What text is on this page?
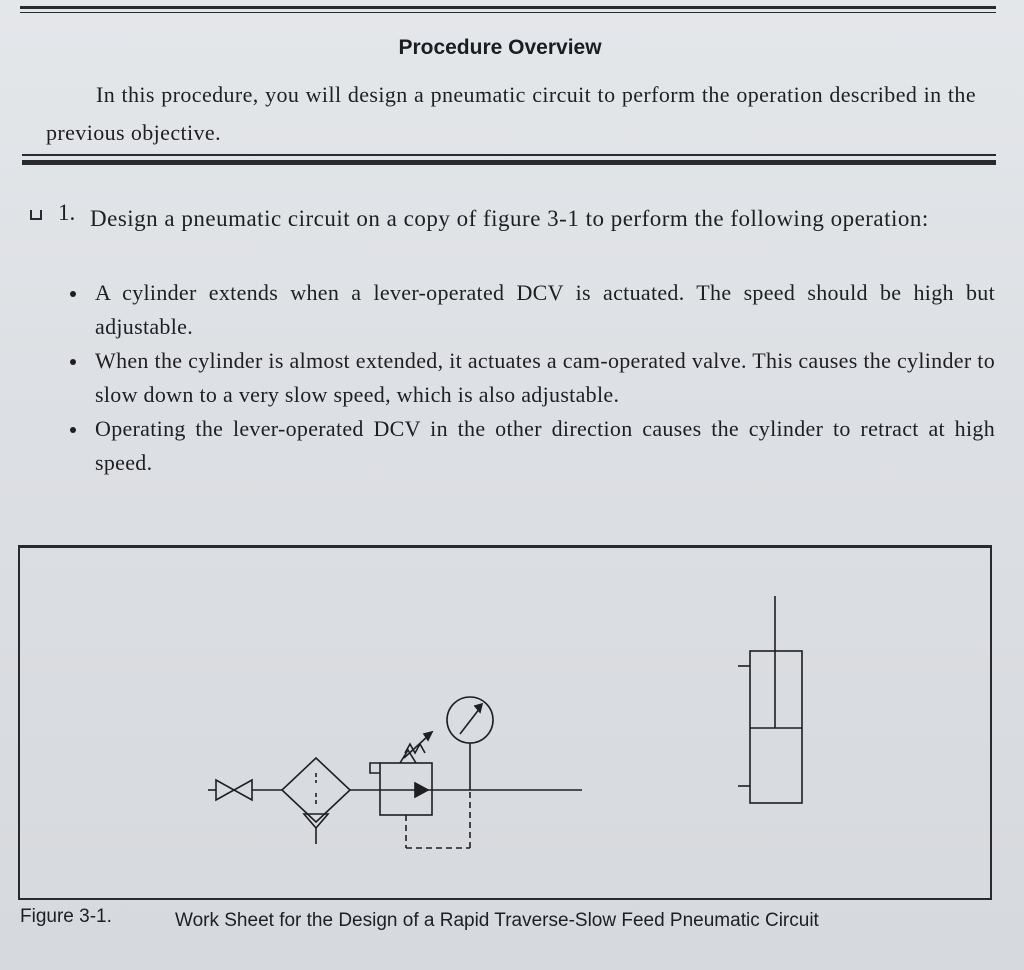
Procedure Overview
In this procedure, you will design a pneumatic circuit to perform the operation described in the previous objective.
1. Design a pneumatic circuit on a copy of figure 3-1 to perform the following operation:
A cylinder extends when a lever-operated DCV is actuated. The speed should be high but adjustable.
When the cylinder is almost extended, it actuates a cam-operated valve. This causes the cylinder to slow down to a very slow speed, which is also adjustable.
Operating the lever-operated DCV in the other direction causes the cylinder to retract at high speed.
Figure 3-1.	Work Sheet for the Design of a Rapid Traverse-Slow Feed Pneumatic Circuit
